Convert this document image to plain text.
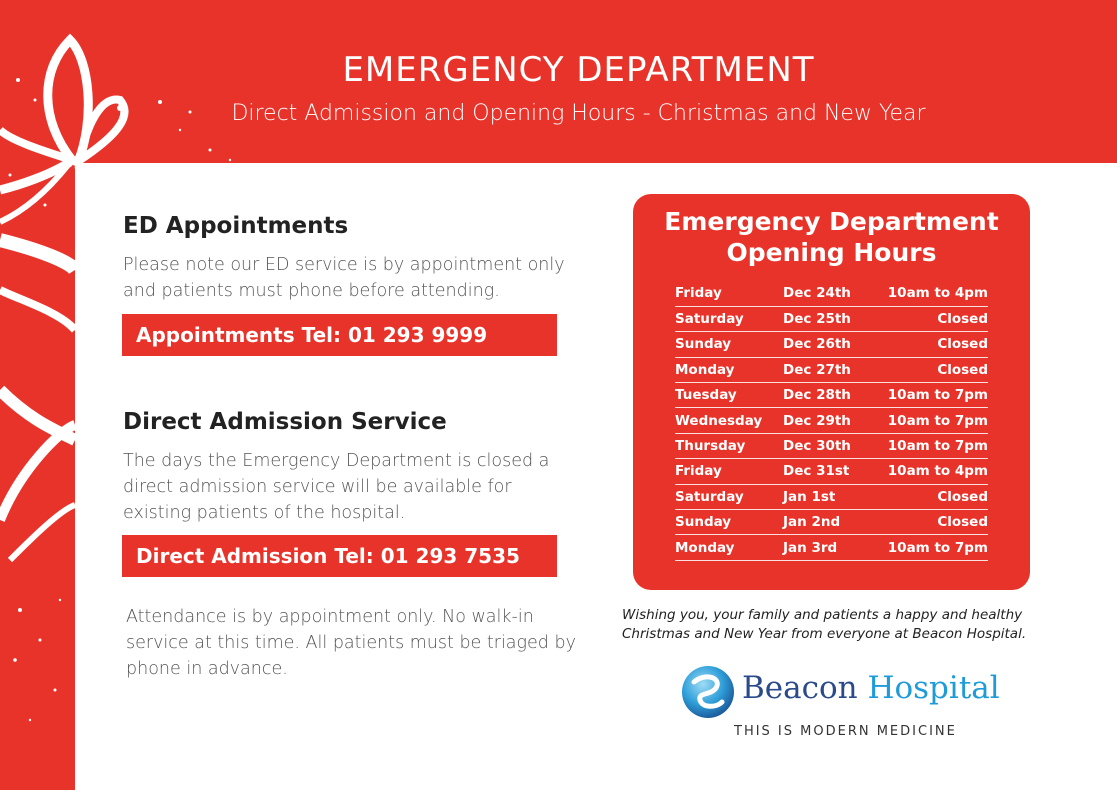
EMERGENCY DEPARTMENT
Direct Admission and Opening Hours - Christmas and New Year
ED Appointments
Please note our ED service is by appointment only and patients must phone before attending.
Appointments Tel: 01 293 9999
Direct Admission Service
The days the Emergency Department is closed a direct admission service will be available for existing patients of the hospital.
Direct Admission Tel: 01 293 7535
Attendance is by appointment only. No walk-in service at this time. All patients must be triaged by phone in advance.
Emergency Department
Opening Hours
Friday	Dec 24th	10am to 4pm
Saturday	Dec 25th	Closed
Sunday	Dec 26th	Closed
Monday	Dec 27th	Closed
Tuesday	Dec 28th	10am to 7pm
Wednesday	Dec 29th	10am to 7pm
Thursday	Dec 30th	10am to 7pm
Friday	Dec 31st	10am to 4pm
Saturday	Jan 1st	Closed
Sunday	Jan 2nd	Closed
Monday	Jan 3rd	10am to 7pm
Wishing you, your family and patients a happy and healthy Christmas and New Year from everyone at Beacon Hospital.
Beacon Hospital
THIS IS MODERN MEDICINE
